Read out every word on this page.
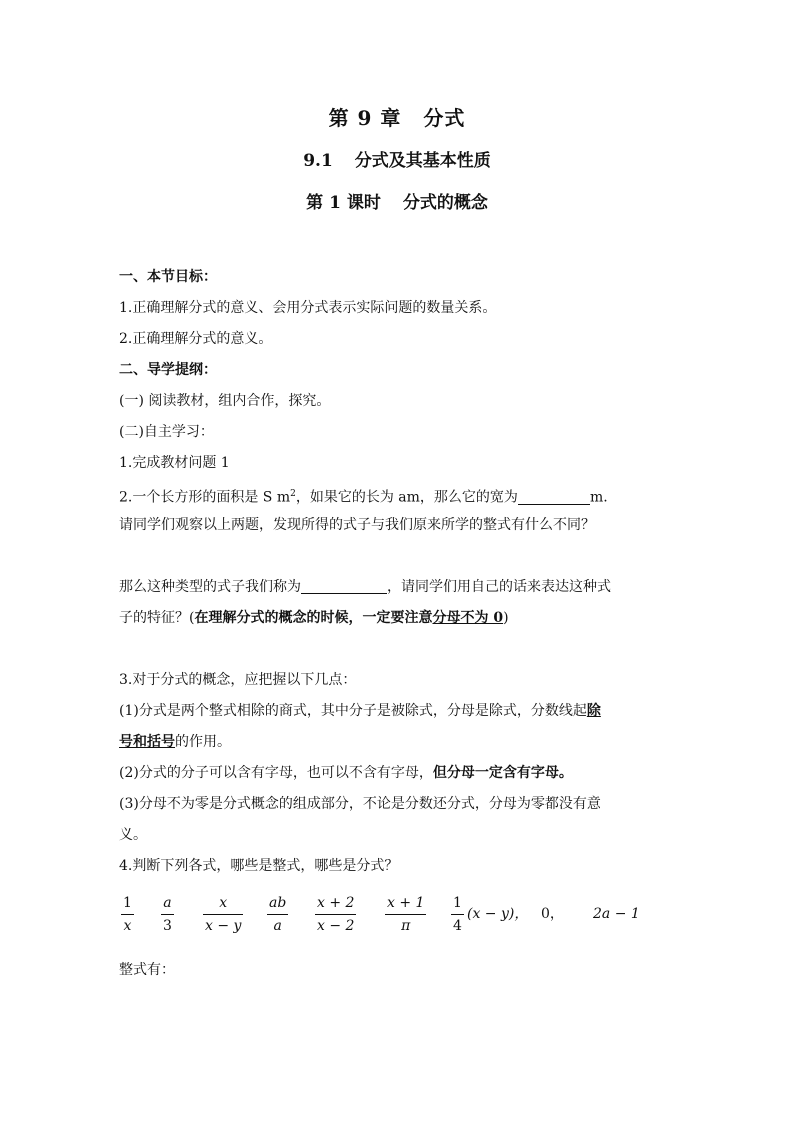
第 9 章 分式
9.1 分式及其基本性质
第 1 课时 分式的概念
一、本节目标：
1.正确理解分式的意义、会用分式表示实际问题的数量关系。
2.正确理解分式的意义。
二、导学提纲：
(一) 阅读教材，组内合作，探究。
(二)自主学习：
1.完成教材问题 1
2.一个长方形的面积是 S $m^2$，如果它的长为 am，那么它的宽为	m.
请同学们观察以上两题，发现所得的式子与我们原来所学的整式有什么不同？
那么这种类型的式子我们称为	，请同学们用自己的话来表达这种式
子的特征？(在理解分式的概念的时候，一定要注意分母不为 0)
3.对于分式的概念，应把握以下几点：
(1)分式是两个整式相除的商式，其中分子是被除式，分母是除式，分数线起除
号和括号的作用。
(2)分式的分子可以含有字母，也可以不含有字母，但分母一定含有字母。
(3)分母不为零是分式概念的组成部分，不论是分数还分式，分母为零都没有意
义。
4.判断下列各式，哪些是整式，哪些是分式？
1
x
a
3
x
x − y
ab
a
x + 2
x − 2
x + 1
π
1
4
(x − y)， 0， 2a − 1
整式有：
